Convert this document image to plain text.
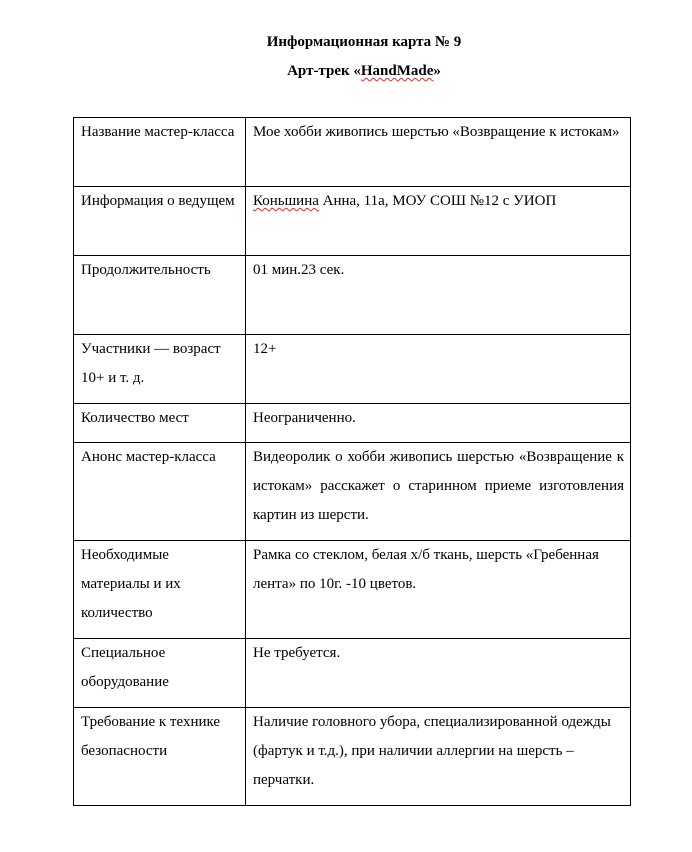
Информационная карта № 9
Арт-трек «HandMade»
Название мастер-класса	Мое хобби живопись шерстью «Возвращение к истокам»
Информация о ведущем	Коньшина Анна, 11а, МОУ СОШ №12 с УИОП
Продолжительность	01 мин.23 сек.
Участники — возраст 10+ и т. д.	12+
Количество мест	Неограниченно.
Анонс мастер-класса	Видеоролик о хобби живопись шерстью «Возвращение к истокам» расскажет о старинном приеме изготовления картин из шерсти.
Необходимые материалы и их количество	Рамка со стеклом, белая х/б ткань, шерсть «Гребенная лента» по 10г. -10 цветов.
Специальное оборудование	Не требуется.
Требование к технике безопасности	Наличие головного убора, специализированной одежды (фартук и т.д.), при наличии аллергии на шерсть – перчатки.
